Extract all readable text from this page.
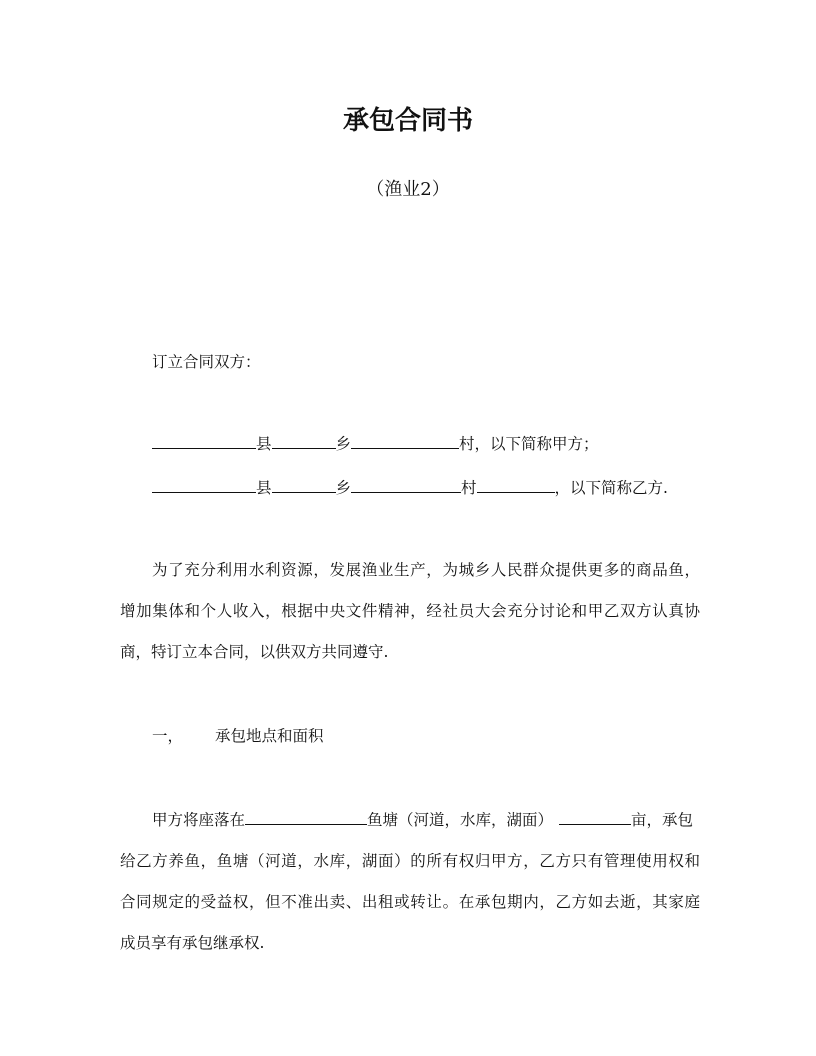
承包合同书
（渔业2）
订立合同双方：
县	乡	村，以下简称甲方；
县	乡	村	，以下简称乙方.
为了充分利用水利资源，发展渔业生产，为城乡人民群众提供更多的商品鱼，
增加集体和个人收入，根据中央文件精神，经社员大会充分讨论和甲乙双方认真协
商，特订立本合同，以供双方共同遵守.
一， 承包地点和面积
甲方将座落在	鱼塘（河道，水库，湖面）	亩，承包
给乙方养鱼，鱼塘（河道，水库，湖面）的所有权归甲方，乙方只有管理使用权和
合同规定的受益权，但不准出卖、出租或转让。在承包期内，乙方如去逝，其家庭
成员享有承包继承权.
